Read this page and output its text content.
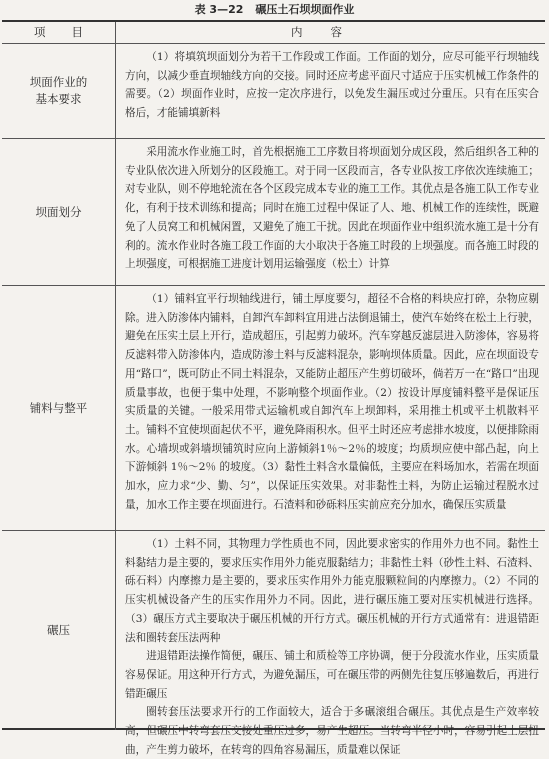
表 3—22 碾压土石坝坝面作业
项目	内容
坝面作业的
基本要求

（1）将填筑坝面划分为若干工作段或工作面。工作面的划分，应尽可能平行坝轴线方向，以减少垂直坝轴线方向的交接。同时还应考虑平面尺寸适应于压实机械工作条件的需要。（2）坝面作业时，应按一定次序进行，以免发生漏压或过分重压。只有在压实合格后，才能铺填新料

坝面划分

采用流水作业施工时，首先根据施工工序数目将坝面划分成区段，然后组织各工种的专业队依次进入所划分的区段施工。对于同一区段而言，各专业队按工序依次连续施工；对专业队，则不停地轮流在各个区段完成本专业的施工工作。其优点是各施工队工作专业化，有利于技术训练和提高；同时在施工过程中保证了人、地、机械工作的连续性，既避免了人员窝工和机械闲置，又避免了施工干扰。因此在坝面作业中组织流水施工是十分有利的。流水作业时各施工段工作面的大小取决于各施工时段的上坝强度。而各施工时段的上坝强度，可根据施工进度计划用运输强度（松土）计算

铺料与整平

（1）铺料宜平行坝轴线进行，铺土厚度要匀，超径不合格的料块应打碎，杂物应剔除。进入防渗体内铺料，自卸汽车卸料宜用进占法倒退铺土，使汽车始终在松土上行驶，避免在压实土层上开行，造成超压，引起剪力破坏。汽车穿越反滤层进入防渗体，容易将反滤料带入防渗体内，造成防渗土料与反滤料混杂，影响坝体质量。因此，应在坝面设专用“路口”，既可防止不同土料混杂，又能防止超压产生剪切破坏，倘若万一在“路口”出现质量事故，也便于集中处理，不影响整个坝面作业。（2）按设计厚度铺料整平是保证压实质量的关键。一般采用带式运输机或自卸汽车上坝卸料，采用推土机或平土机散料平土。铺料不宜使坝面起伏不平，避免降雨积水。但平土时还应考虑排水坡度，以便排除雨水。心墙坝或斜墙坝铺筑时应向上游倾斜1％～2％的坡度；均质坝应使中部凸起，向上下游倾斜 1％～2％ 的坡度。（3）黏性土料含水量偏低，主要应在料场加水，若需在坝面加水，应力求“少、勤、匀”，以保证压实效果。对非黏性土料，为防止运输过程脱水过量，加水工作主要在坝面进行。石渣料和砂砾料压实前应充分加水，确保压实质量

碾压

（1）土料不同，其物理力学性质也不同，因此要求密实的作用外力也不同。黏性土料黏结力是主要的，要求压实作用外力能克服黏结力；非黏性土料（砂性土料、石渣料、砾石料）内摩擦力是主要的，要求压实作用外力能克服颗粒间的内摩擦力。（2）不同的压实机械设备产生的压实作用外力不同。因此，进行碾压施工要对压实机械进行选择。（3）碾压方式主要取决于碾压机械的开行方式。碾压机械的开行方式通常有：进退错距法和圈转套压法两种

进退错距法操作简便，碾压、铺土和质检等工序协调，便于分段流水作业，压实质量容易保证。用这种开行方式，为避免漏压，可在碾压带的两侧先往复压够遍数后，再进行错距碾压

圈转套压法要求开行的工作面较大，适合于多碾滚组合碾压。其优点是生产效率较高，但碾压中转弯套压交接处重压过多，易产生超压。当转弯半径小时，容易引起土层扭曲，产生剪力破坏，在转弯的四角容易漏压，质量难以保证
